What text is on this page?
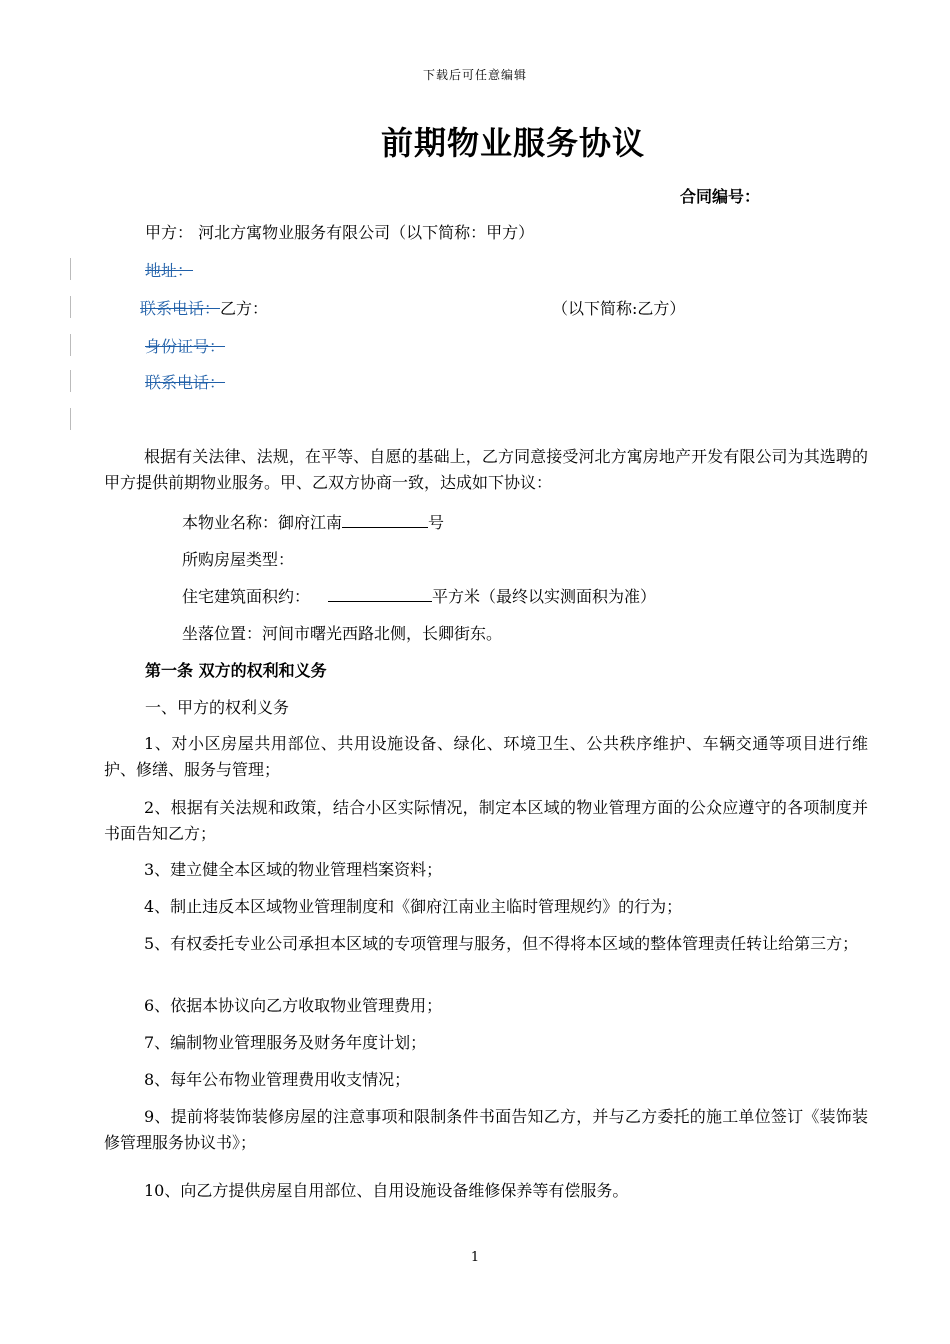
下载后可任意编辑
前期物业服务协议
合同编号：
甲方： 河北方寓物业服务有限公司（以下简称：甲方）
地址：
联系电话：乙方：	（以下简称:乙方）
身份证号：
联系电话：
根据有关法律、法规，在平等、自愿的基础上，乙方同意接受河北方寓房地产开发有限公司为其选聘的甲方提供前期物业服务。甲、乙双方协商一致，达成如下协议：
本物业名称：御府江南	号
所购房屋类型：
住宅建筑面积约：	平方米（最终以实测面积为准）
坐落位置：河间市曙光西路北侧，长卿街东。
第一条 双方的权利和义务
一、甲方的权利义务
1、对小区房屋共用部位、共用设施设备、绿化、环境卫生、公共秩序维护、车辆交通等项目进行维护、修缮、服务与管理；
2、根据有关法规和政策，结合小区实际情况，制定本区域的物业管理方面的公众应遵守的各项制度并书面告知乙方；
3、建立健全本区域的物业管理档案资料；
4、制止违反本区域物业管理制度和《御府江南业主临时管理规约》的行为；
5、有权委托专业公司承担本区域的专项管理与服务，但不得将本区域的整体管理责任转让给第三方；
6、依据本协议向乙方收取物业管理费用；
7、编制物业管理服务及财务年度计划；
8、每年公布物业管理费用收支情况；
9、提前将装饰装修房屋的注意事项和限制条件书面告知乙方，并与乙方委托的施工单位签订《装饰装修管理服务协议书》；
10、向乙方提供房屋自用部位、自用设施设备维修保养等有偿服务。
1
